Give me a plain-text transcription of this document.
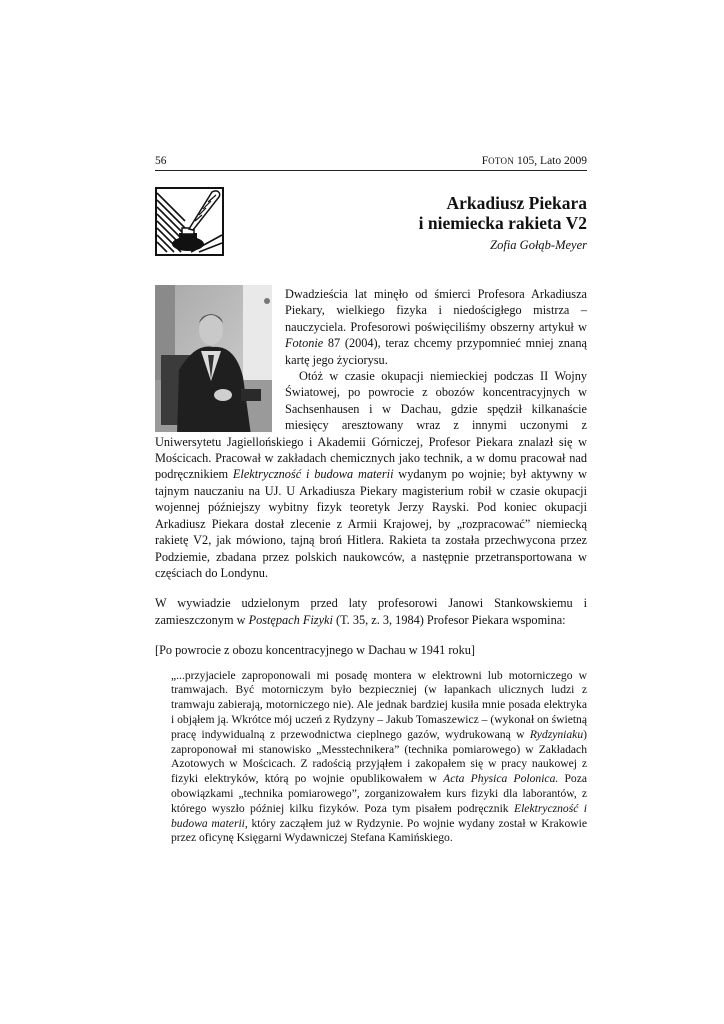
56	FOTON 105, Lato 2009
Arkadiusz Piekara
i niemiecka rakieta V2
Zofia Gołąb-Meyer

Dwadzieścia lat minęło od śmierci Profesora Arkadiusza Piekary, wielkiego fizyka i niedościgłego mistrza – nauczyciela. Profesorowi poświęciliśmy obszerny artykuł w Fotonie 87 (2004), teraz chcemy przypomnieć mniej znaną kartę jego życiorysu.

Otóż w czasie okupacji niemieckiej podczas II Wojny Światowej, po powrocie z obozów koncentracyjnych w Sachsenhausen i w Dachau, gdzie spędził kilkanaście miesięcy aresztowany wraz z innymi uczonymi z Uniwersytetu Jagiellońskiego i Akademii Górniczej, Profesor Piekara znalazł się w Mościcach. Pracował w zakładach chemicznych jako technik, a w domu pracował nad podręcznikiem Elektryczność i budowa materii wydanym po wojnie; był aktywny w tajnym nauczaniu na UJ. U Arkadiusza Piekary magisterium robił w czasie okupacji wojennej późniejszy wybitny fizyk teoretyk Jerzy Rayski. Pod koniec okupacji Arkadiusz Piekara dostał zlecenie z Armii Krajowej, by „rozpracować” niemiecką rakietę V2, jak mówiono, tajną broń Hitlera. Rakieta ta została przechwycona przez Podziemie, zbadana przez polskich naukowców, a następnie przetransportowana w częściach do Londynu.

W wywiadzie udzielonym przed laty profesorowi Janowi Stankowskiemu i zamieszczonym w Postępach Fizyki (T. 35, z. 3, 1984) Profesor Piekara wspomina:

[Po powrocie z obozu koncentracyjnego w Dachau w 1941 roku]

„...przyjaciele zaproponowali mi posadę montera w elektrowni lub motorniczego w tramwajach. Być motorniczym było bezpieczniej (w łapankach ulicznych ludzi z tramwaju zabierają, motorniczego nie). Ale jednak bardziej kusiła mnie posada elektryka i objąłem ją. Wkrótce mój uczeń z Rydzyny – Jakub Tomaszewicz – (wykonał on świetną pracę indywidualną z przewodnictwa cieplnego gazów, wydrukowaną w Rydzyniaku) zaproponował mi stanowisko „Messtechnikera” (technika pomiarowego) w Zakładach Azotowych w Mościcach. Z radością przyjąłem i zakopałem się w pracy naukowej z fizyki elektryków, którą po wojnie opublikowałem w Acta Physica Polonica. Poza obowiązkami „technika pomiarowego”, zorganizowałem kurs fizyki dla laborantów, z którego wyszło później kilku fizyków. Poza tym pisałem podręcznik Elektryczność i budowa materii, który zacząłem już w Rydzynie. Po wojnie wydany został w Krakowie przez oficynę Księgarni Wydawniczej Stefana Kamińskiego.
